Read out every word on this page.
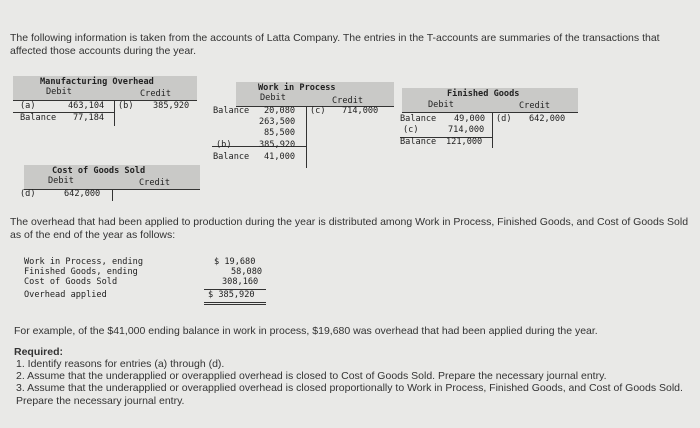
The following information is taken from the accounts of Latta Company. The entries in the T-accounts are summaries of the transactions that affected those accounts during the year.
Manufacturing Overhead
Debit	Credit
(a)	463,104 (b) 385,920
Balance 77,184
Work in Process
Debit	Credit
Balance 20,080 (c) 714,000
263,500
85,500
(b)	385,920
Balance 41,000
Finished Goods
Debit	Credit
Balance 49,000 (d) 642,000
(c)	714,000
Balance 121,000
Cost of Goods Sold
Debit	Credit
(d)	642,000
The overhead that had been applied to production during the year is distributed among Work in Process, Finished Goods, and Cost of Goods Sold as of the end of the year as follows:
Work in Process, ending	$ 19,680
Finished Goods, ending	58,080
Cost of Goods Sold	308,160
Overhead applied	$ 385,920
For example, of the $41,000 ending balance in work in process, $19,680 was overhead that had been applied during the year.
Required:
1. Identify reasons for entries (a) through (d).
2. Assume that the underapplied or overapplied overhead is closed to Cost of Goods Sold. Prepare the necessary journal entry.
3. Assume that the underapplied or overapplied overhead is closed proportionally to Work in Process, Finished Goods, and Cost of Goods Sold. Prepare the necessary journal entry.
